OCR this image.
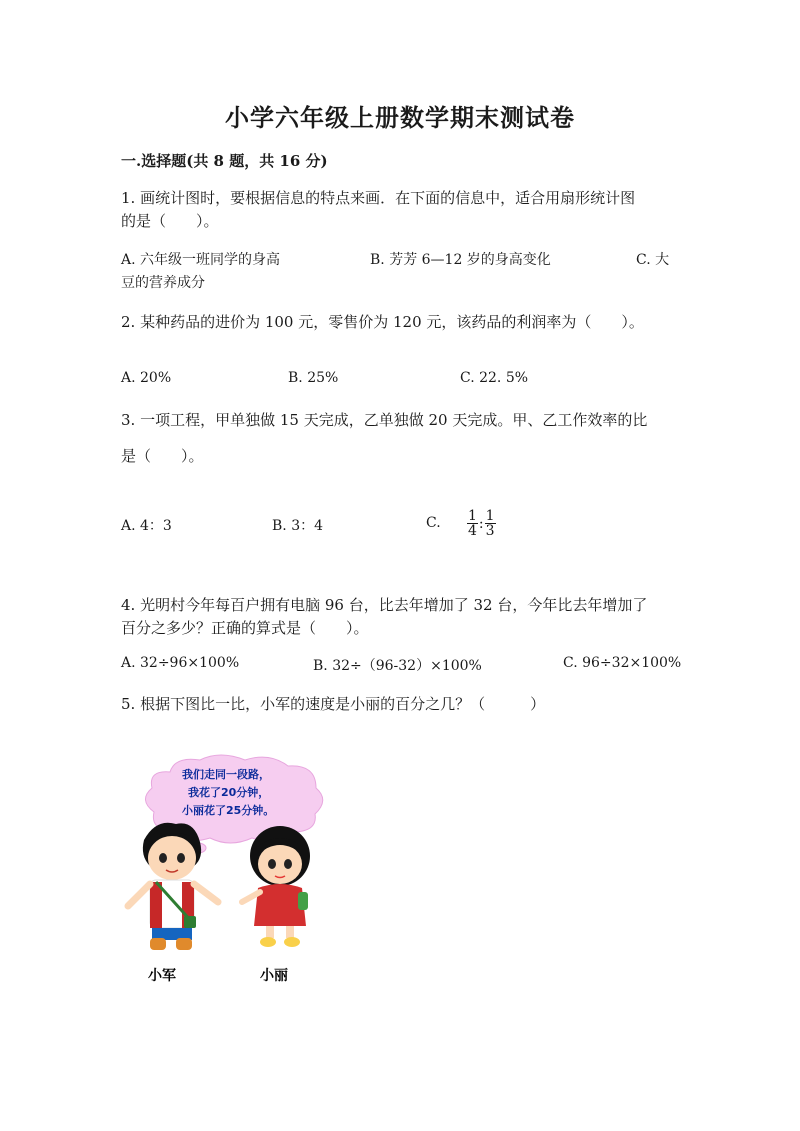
小学六年级上册数学期末测试卷
一.选择题(共 8 题，共 16 分)
1. 画统计图时，要根据信息的特点来画．在下面的信息中，适合用扇形统计图
的是（　　）。
A. 六年级一班同学的身高	B. 芳芳 6—12 岁的身高变化	C. 大
豆的营养成分
2. 某种药品的进价为 100 元，零售价为 120 元，该药品的利润率为（　　）。
A. 20%	B. 25%	C. 22. 5%
3. 一项工程，甲单独做 15 天完成，乙单独做 20 天完成。甲、乙工作效率的比
是（　　）。
A. 4：3	B. 3：4	C. $\frac{1}{4}$ : $\frac{1}{3}$
4. 光明村今年每百户拥有电脑 96 台，比去年增加了 32 台，今年比去年增加了
百分之多少？正确的算式是（　　）。
A. 32÷96×100%	B. 32÷（96-32）×100%	C. 96÷32×100%
5. 根据下图比一比，小军的速度是小丽的百分之几？（　　　）
我们走同一段路，
我花了20分钟，
小丽花了25分钟。
小军	小丽
